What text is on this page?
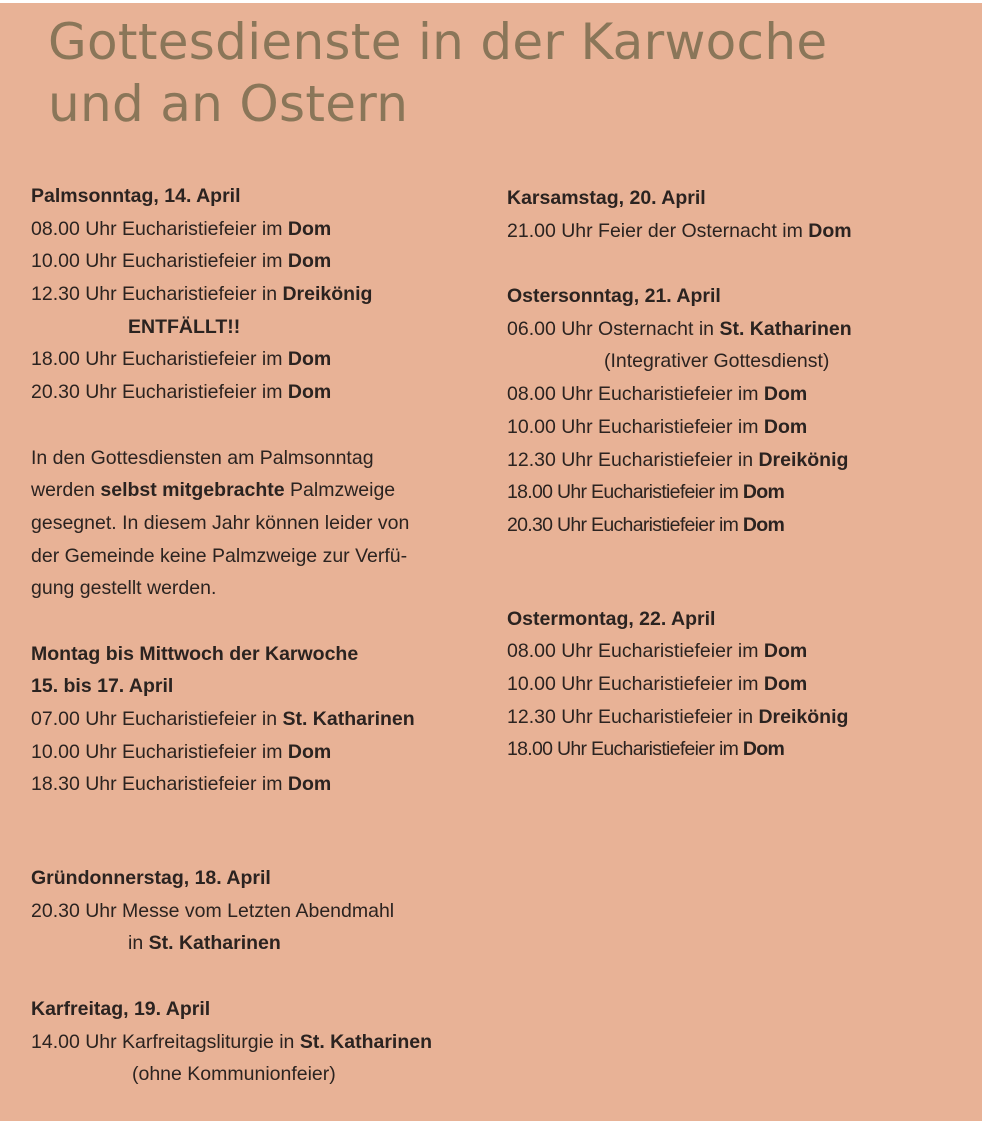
Gottesdienste in der Karwoche
und an Ostern
Palmsonntag, 14. April
08.00 Uhr Eucharistiefeier im Dom
10.00 Uhr Eucharistiefeier im Dom
12.30 Uhr Eucharistiefeier in Dreikönig
ENTFÄLLT!!
18.00 Uhr Eucharistiefeier im Dom
20.30 Uhr Eucharistiefeier im Dom
In den Gottesdiensten am Palmsonntag
werden selbst mitgebrachte Palmzweige
gesegnet. In diesem Jahr können leider von
der Gemeinde keine Palmzweige zur Verfü-
gung gestellt werden.
Montag bis Mittwoch der Karwoche
15. bis 17. April
07.00 Uhr Eucharistiefeier in St. Katharinen
10.00 Uhr Eucharistiefeier im Dom
18.30 Uhr Eucharistiefeier im Dom
Gründonnerstag, 18. April
20.30 Uhr Messe vom Letzten Abendmahl
in St. Katharinen
Karfreitag, 19. April
14.00 Uhr Karfreitagsliturgie in St. Katharinen
(ohne Kommunionfeier)
Karsamstag, 20. April
21.00 Uhr Feier der Osternacht im Dom
Ostersonntag, 21. April
06.00 Uhr Osternacht in St. Katharinen
(Integrativer Gottesdienst)
08.00 Uhr Eucharistiefeier im Dom
10.00 Uhr Eucharistiefeier im Dom
12.30 Uhr Eucharistiefeier in Dreikönig
18.00 Uhr Eucharistiefeier im Dom
20.30 Uhr Eucharistiefeier im Dom
Ostermontag, 22. April
08.00 Uhr Eucharistiefeier im Dom
10.00 Uhr Eucharistiefeier im Dom
12.30 Uhr Eucharistiefeier in Dreikönig
18.00 Uhr Eucharistiefeier im Dom
